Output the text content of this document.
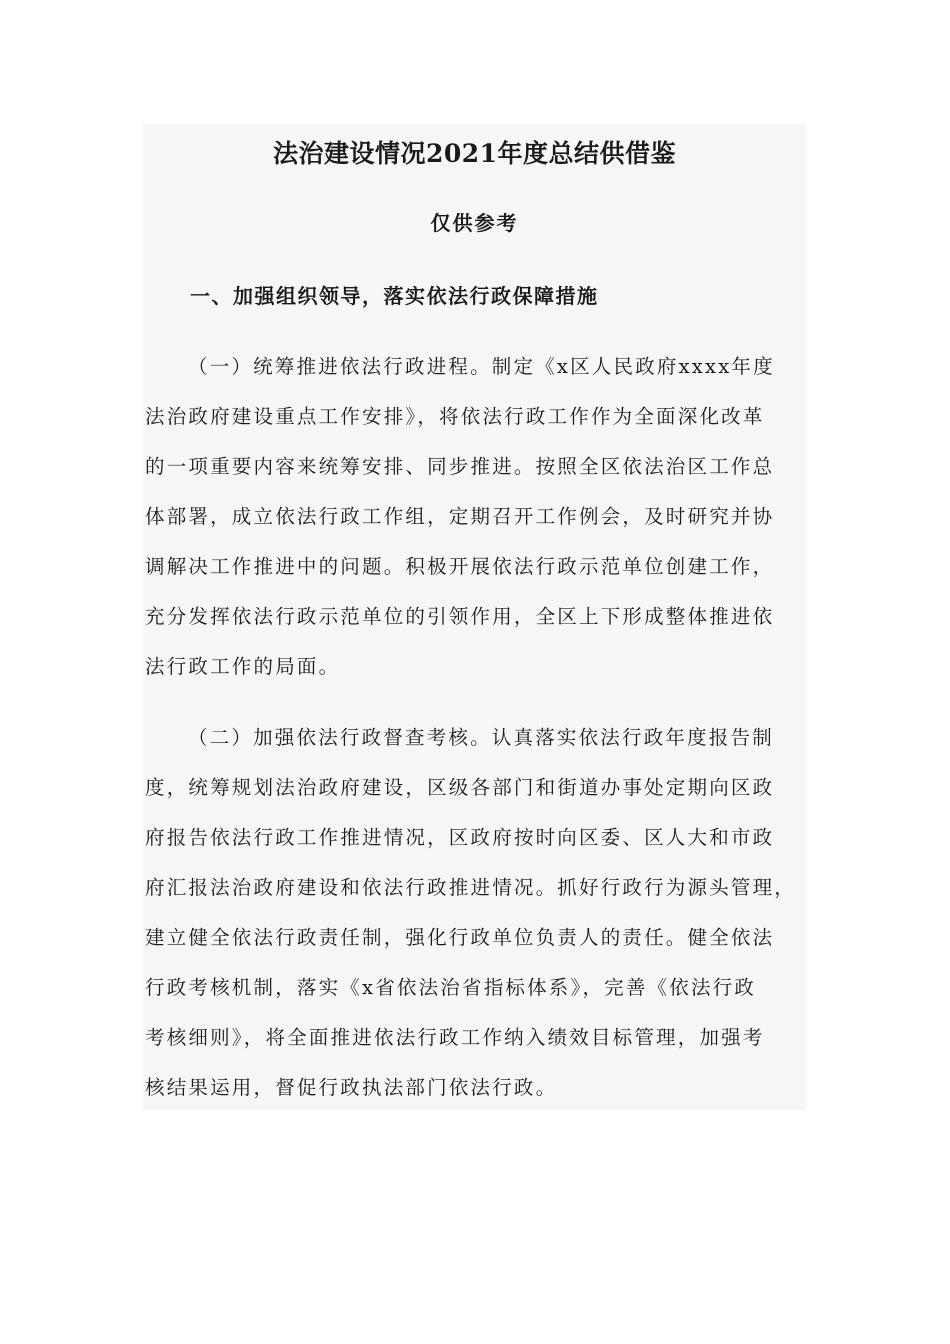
法治建设情况2021年度总结供借鉴
仅供参考
一、加强组织领导，落实依法行政保障措施
（一）统筹推进依法行政进程。制定《x区人民政府xxxx年度
法治政府建设重点工作安排》，将依法行政工作作为全面深化改革
的一项重要内容来统筹安排、同步推进。按照全区依法治区工作总
体部署，成立依法行政工作组，定期召开工作例会，及时研究并协
调解决工作推进中的问题。积极开展依法行政示范单位创建工作，
充分发挥依法行政示范单位的引领作用，全区上下形成整体推进依
法行政工作的局面。
（二）加强依法行政督查考核。认真落实依法行政年度报告制
度，统筹规划法治政府建设，区级各部门和街道办事处定期向区政
府报告依法行政工作推进情况，区政府按时向区委、区人大和市政
府汇报法治政府建设和依法行政推进情况。抓好行政行为源头管理，
建立健全依法行政责任制，强化行政单位负责人的责任。健全依法
行政考核机制，落实《x省依法治省指标体系》，完善《依法行政
考核细则》，将全面推进依法行政工作纳入绩效目标管理，加强考
核结果运用，督促行政执法部门依法行政。
